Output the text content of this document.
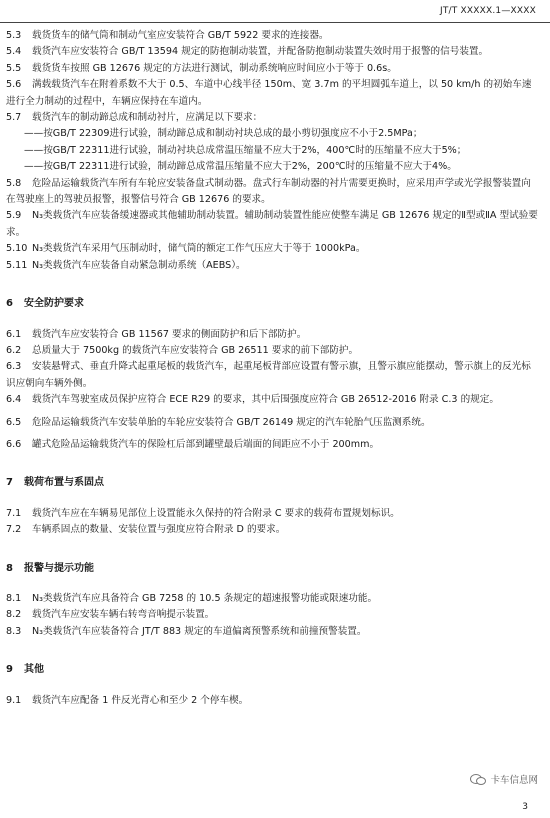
JT/T XXXXX.1—XXXX
5.3 载货货车的储气筒和制动气室应安装符合 GB/T 5922 要求的连接器。
5.4 载货汽车应安装符合 GB/T 13594 规定的防抱制动装置，并配备防抱制动装置失效时用于报警的信号装置。
5.5 载货货车按照 GB 12676 规定的方法进行测试，制动系统响应时间应小于等于 0.6s。
5.6 满载载货汽车在附着系数不大于 0.5、车道中心线半径 150m、宽 3.7m 的平坦圆弧车道上，以 50 km/h 的初始车速进行全力制动的过程中，车辆应保持在车道内。
5.7 载货汽车的制动蹄总成和制动衬片，应满足以下要求：
——按GB/T 22309进行试验，制动蹄总成和制动衬块总成的最小剪切强度应不小于2.5MPa；
——按GB/T 22311进行试验，制动衬块总成常温压缩量不应大于2%，400℃时的压缩量不应大于5%；
——按GB/T 22311进行试验，制动蹄总成常温压缩量不应大于2%，200℃时的压缩量不应大于4%。
5.8 危险品运输载货汽车所有车轮应安装备盘式制动器。盘式行车制动器的衬片需要更换时，应采用声学或光学报警装置向在驾驶座上的驾驶员报警，报警信号符合 GB 12676 的要求。
5.9 N₃类载货汽车应装备缓速器或其他辅助制动装置。辅助制动装置性能应使整车满足 GB 12676 规定的Ⅱ型或ⅡA 型试验要求。
5.10 N₃类载货汽车采用气压制动时，储气筒的额定工作气压应大于等于 1000kPa。
5.11 N₃类载货汽车应装备自动紧急制动系统（AEBS）。
6 安全防护要求
6.1 载货汽车应安装符合 GB 11567 要求的侧面防护和后下部防护。
6.2 总质量大于 7500kg 的载货汽车应安装符合 GB 26511 要求的前下部防护。
6.3 安装悬臂式、垂直升降式起重尾板的载货汽车，起重尾板背部应设置有警示旗，且警示旗应能摆动，警示旗上的反光标识应朝向车辆外侧。
6.4 载货汽车驾驶室成员保护应符合 ECE R29 的要求，其中后围强度应符合 GB 26512-2016 附录 C.3 的规定。
6.5 危险品运输载货汽车安装单胎的车轮应安装符合 GB/T 26149 规定的汽车轮胎气压监测系统。
6.6 罐式危险品运输载货汽车的保险杠后部到罐壁最后端面的间距应不小于 200mm。
7 载荷布置与系固点
7.1 载货汽车应在车辆易见部位上设置能永久保持的符合附录 C 要求的载荷布置规划标识。
7.2 车辆系固点的数量、安装位置与强度应符合附录 D 的要求。
8 报警与提示功能
8.1 N₃类载货汽车应具备符合 GB 7258 的 10.5 条规定的超速报警功能或限速功能。
8.2 载货汽车应安装车辆右转弯音响提示装置。
8.3 N₃类载货汽车应装备符合 JT/T 883 规定的车道偏离预警系统和前撞预警装置。
9 其他
9.1 载货汽车应配备 1 件反光背心和至少 2 个停车楔。
卡车信息网
3
